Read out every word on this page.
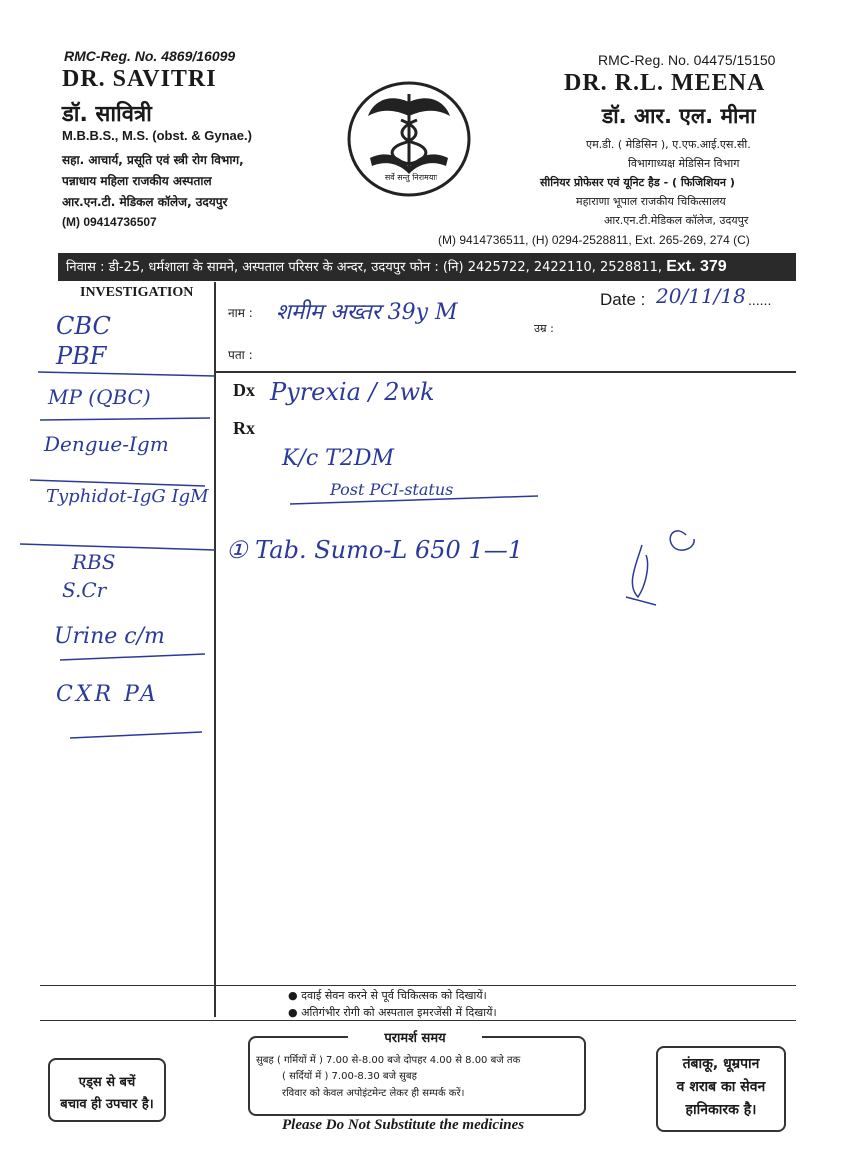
RMC-Reg. No. 4869/16099
DR. SAVITRI
डॉ. सावित्री
M.B.B.S., M.S. (obst. & Gynae.)
सहा. आचार्य, प्रसूति एवं स्त्री रोग विभाग,
पन्नाधाय महिला राजकीय अस्पताल
आर.एन.टी. मेडिकल कॉलेज, उदयपुर
(M) 09414736507
सर्वे सन्तु निरामयाः
RMC-Reg. No. 04475/15150
DR. R.L. MEENA
डॉ. आर. एल. मीना
एम.डी. ( मेडिसिन ), ए.एफ.आई.एस.सी.
विभागाध्यक्ष मेडिसिन विभाग
सीनियर प्रोफेसर एवं यूनिट हैड - ( फिजिशियन )
महाराणा भूपाल राजकीय चिकित्सालय
आर.एन.टी.मेडिकल कॉलेज, उदयपुर
(M) 9414736511, (H) 0294-2528811, Ext. 265-269, 274 (C)
निवास : डी-25, धर्मशाला के सामने, अस्पताल परिसर के अन्दर, उदयपुर फोन : (नि) 2425722, 2422110, 2528811, Ext. 379
INVESTIGATION
CBC
PBF
MP (QBC)
Dengue-Igm
Typhidot-IgG IgM
RBS
S.Cr
Urine c/m
CXR PA
नाम : शमीम अख्तर 39y M
उम्र :
पता :
Date : 20/11/18 ......
Dx Pyrexia / 2wk
Rx
K/c T2DM
Post PCI-status
① Tab. Sumo-L 650 1—1
● दवाई सेवन करने से पूर्व चिकित्सक को दिखायें।
● अतिगंभीर रोगी को अस्पताल इमरजेंसी में दिखायें।
परामर्श समय
सुबह ( गर्मियों में ) 7.00 से-8.00 बजे दोपहर 4.00 से 8.00 बजे तक
( सर्दियों में ) 7.00-8.30 बजे सुबह
रविवार को केवल अपोइंटमेन्ट लेकर ही सम्पर्क करें।
एड्स से बचें
बचाव ही उपचार है।
तंबाकू, धूम्रपान
व शराब का सेवन
हानिकारक है।
Please Do Not Substitute the medicines
